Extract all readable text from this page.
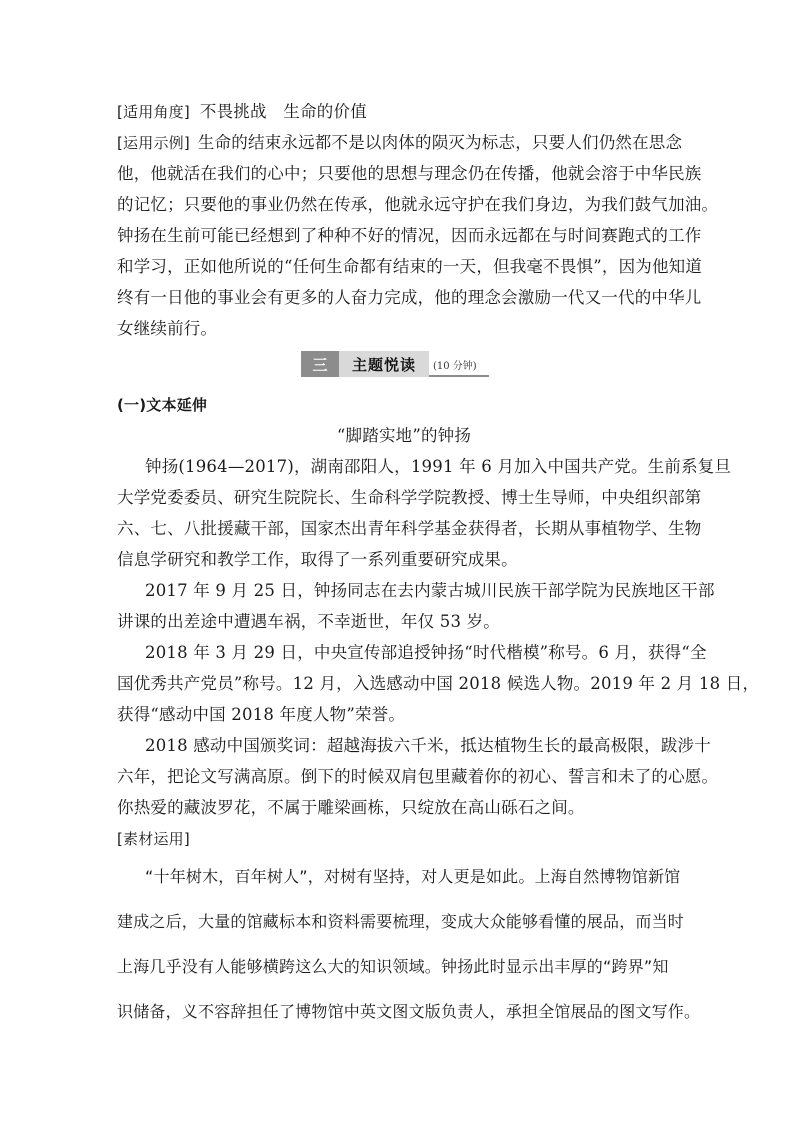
[适用角度] 不畏挑战　生命的价值
[运用示例] 生命的结束永远都不是以肉体的陨灭为标志，只要人们仍然在思念
他，他就活在我们的心中；只要他的思想与理念仍在传播，他就会溶于中华民族
的记忆；只要他的事业仍然在传承，他就永远守护在我们身边，为我们鼓气加油。
钟扬在生前可能已经想到了种种不好的情况，因而永远都在与时间赛跑式的工作
和学习，正如他所说的“任何生命都有结束的一天，但我毫不畏惧”，因为他知道
终有一日他的事业会有更多的人奋力完成，他的理念会激励一代又一代的中华儿
女继续前行。
三	主题悦读	(10 分钟)
(一)文本延伸
“脚踏实地”的钟扬
钟扬(1964—2017)，湖南邵阳人，1991 年 6 月加入中国共产党。生前系复旦
大学党委委员、研究生院院长、生命科学学院教授、博士生导师，中央组织部第
六、七、八批援藏干部，国家杰出青年科学基金获得者，长期从事植物学、生物
信息学研究和教学工作，取得了一系列重要研究成果。
2017 年 9 月 25 日，钟扬同志在去内蒙古城川民族干部学院为民族地区干部
讲课的出差途中遭遇车祸，不幸逝世，年仅 53 岁。
2018 年 3 月 29 日，中央宣传部追授钟扬“时代楷模”称号。6 月，获得“全
国优秀共产党员”称号。12 月，入选感动中国 2018 候选人物。2019 年 2 月 18 日，
获得“感动中国 2018 年度人物”荣誉。
2018 感动中国颁奖词：超越海拔六千米，抵达植物生长的最高极限，跋涉十
六年，把论文写满高原。倒下的时候双肩包里藏着你的初心、誓言和未了的心愿。
你热爱的藏波罗花，不属于雕梁画栋，只绽放在高山砾石之间。
[素材运用]
“十年树木，百年树人”，对树有坚持，对人更是如此。上海自然博物馆新馆
建成之后，大量的馆藏标本和资料需要梳理，变成大众能够看懂的展品，而当时
上海几乎没有人能够横跨这么大的知识领域。钟扬此时显示出丰厚的“跨界”知
识储备，义不容辞担任了博物馆中英文图文版负责人，承担全馆展品的图文写作。
